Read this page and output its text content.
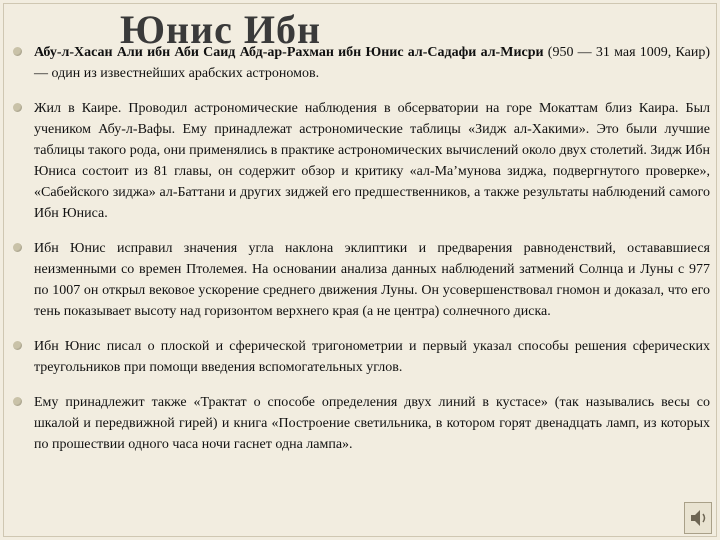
Юнис Ибн
Абу-л-Хасан Али ибн Аби Саид Абд-ар-Рахман ибн Юнис ал-Садафи ал-Мисри (950 — 31 мая 1009, Каир) — один из известнейших арабских астрономов.
Жил в Каире. Проводил астрономические наблюдения в обсерватории на горе Мокаттам близ Каира. Был учеником Абу-л-Вафы. Ему принадлежат астрономические таблицы «Зидж ал-Хакими». Это были лучшие таблицы такого рода, они применялись в практике астрономических вычислений около двух столетий. Зидж Ибн Юниса состоит из 81 главы, он содержит обзор и критику «ал-Ма’мунова зиджа, подвергнутого проверке», «Сабейского зиджа» ал-Баттани и других зиджей его предшественников, а также результаты наблюдений самого Ибн Юниса.
Ибн Юнис исправил значения угла наклона эклиптики и предварения равноденствий, остававшиеся неизменными со времен Птолемея. На основании анализа данных наблюдений затмений Солнца и Луны с 977 по 1007 он открыл вековое ускорение среднего движения Луны. Он усовершенствовал гномон и доказал, что его тень показывает высоту над горизонтом верхнего края (а не центра) солнечного диска.
Ибн Юнис писал о плоской и сферической тригонометрии и первый указал способы решения сферических треугольников при помощи введения вспомогательных углов.
Ему принадлежит также «Трактат о способе определения двух линий в кустасе» (так назывались весы со шкалой и передвижной гирей) и книга «Построение светильника, в котором горят двенадцать ламп, из которых по прошествии одного часа ночи гаснет одна лампа».
